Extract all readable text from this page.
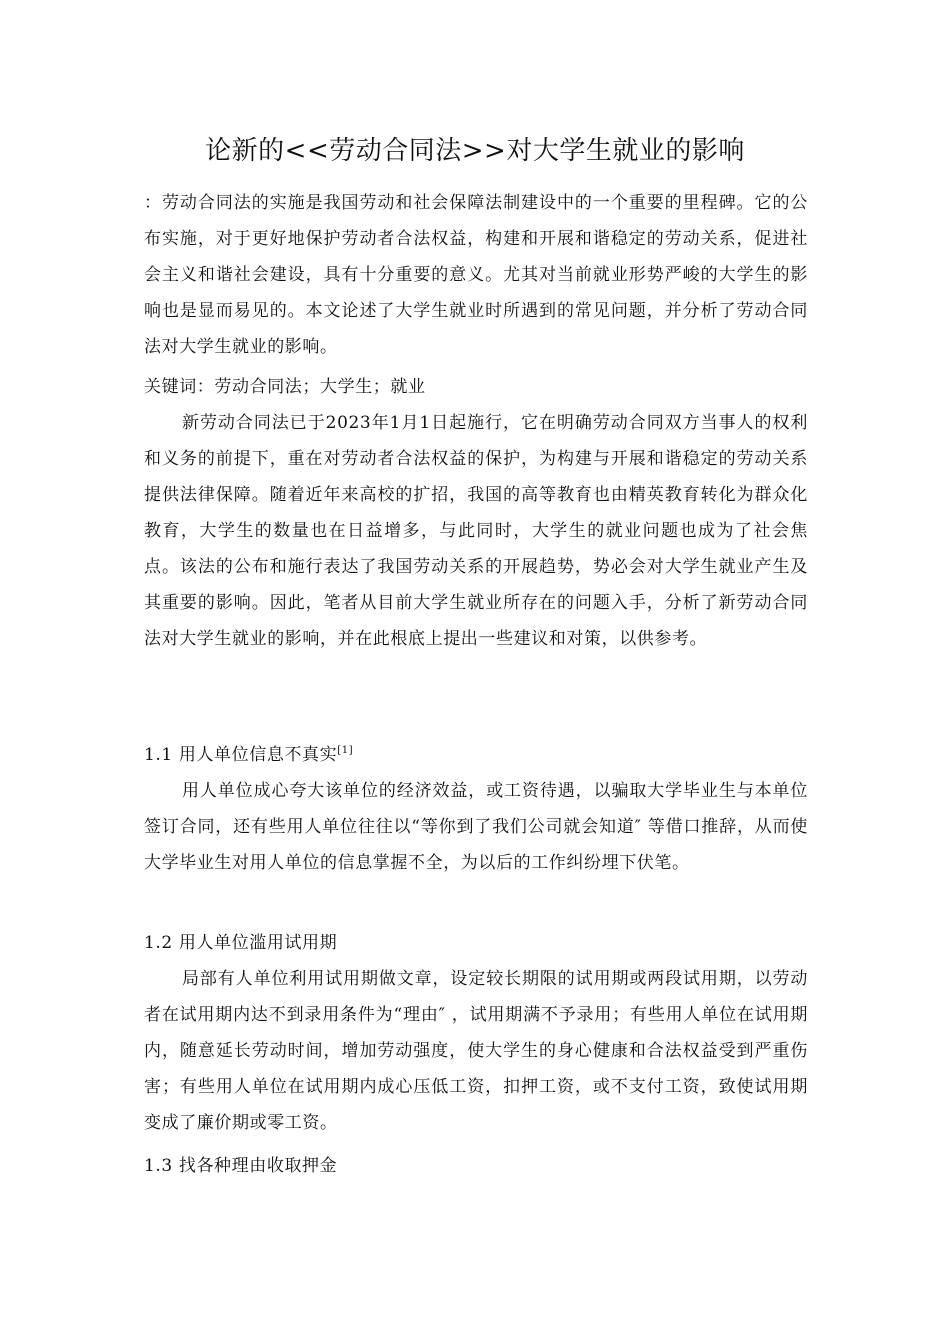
论新的<<劳动合同法>>对大学生就业的影响
：劳动合同法的实施是我国劳动和社会保障法制建设中的一个重要的里程碑。它的公布实施，对于更好地保护劳动者合法权益，构建和开展和谐稳定的劳动关系，促进社会主义和谐社会建设，具有十分重要的意义。尤其对当前就业形势严峻的大学生的影响也是显而易见的。本文论述了大学生就业时所遇到的常见问题，并分析了劳动合同法对大学生就业的影响。
关键词：劳动合同法；大学生；就业
新劳动合同法已于2023年1月1日起施行，它在明确劳动合同双方当事人的权利和义务的前提下，重在对劳动者合法权益的保护，为构建与开展和谐稳定的劳动关系提供法律保障。随着近年来高校的扩招，我国的高等教育也由精英教育转化为群众化教育，大学生的数量也在日益增多，与此同时，大学生的就业问题也成为了社会焦点。该法的公布和施行表达了我国劳动关系的开展趋势，势必会对大学生就业产生及其重要的影响。因此，笔者从目前大学生就业所存在的问题入手，分析了新劳动合同法对大学生就业的影响，并在此根底上提出一些建议和对策，以供参考。
1.1 用人单位信息不真实[1]
用人单位成心夸大该单位的经济效益，或工资待遇，以骗取大学毕业生与本单位签订合同，还有些用人单位往往以“等你到了我们公司就会知道″ 等借口推辞，从而使大学毕业生对用人单位的信息掌握不全，为以后的工作纠纷埋下伏笔。
1.2 用人单位滥用试用期
局部有人单位利用试用期做文章，设定较长期限的试用期或两段试用期，以劳动者在试用期内达不到录用条件为“理由″ ，试用期满不予录用；有些用人单位在试用期内，随意延长劳动时间，增加劳动强度，使大学生的身心健康和合法权益受到严重伤害；有些用人单位在试用期内成心压低工资，扣押工资，或不支付工资，致使试用期变成了廉价期或零工资。
1.3 找各种理由收取押金
